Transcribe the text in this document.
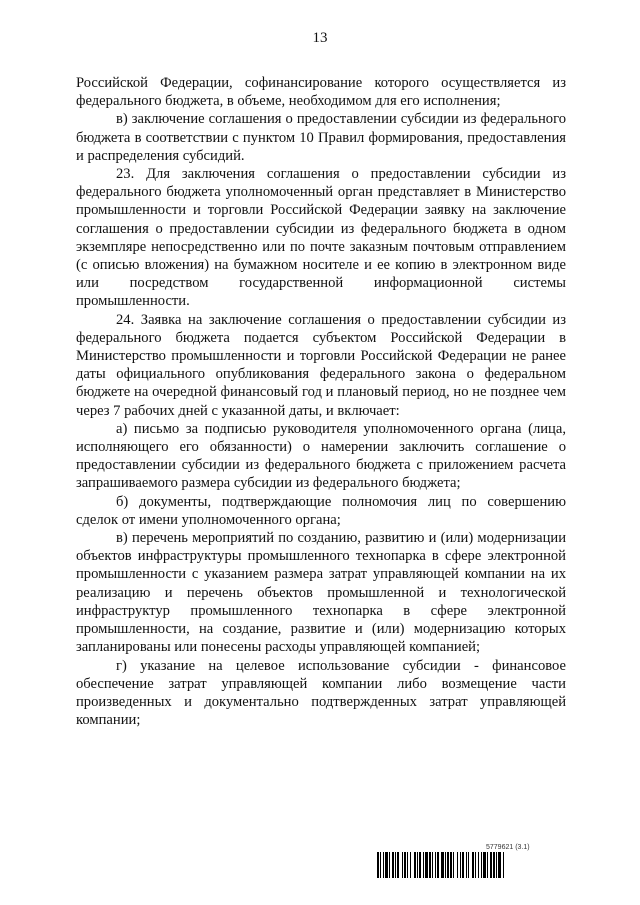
13

Российской Федерации, софинансирование которого осуществляется из федерального бюджета, в объеме, необходимом для его исполнения;

в) заключение соглашения о предоставлении субсидии из федерального бюджета в соответствии с пунктом 10 Правил формирования, предоставления и распределения субсидий.

23. Для заключения соглашения о предоставлении субсидии из федерального бюджета уполномоченный орган представляет в Министерство промышленности и торговли Российской Федерации заявку на заключение соглашения о предоставлении субсидии из федерального бюджета в одном экземпляре непосредственно или по почте заказным почтовым отправлением (с описью вложения) на бумажном носителе и ее копию в электронном виде или посредством государственной информационной системы промышленности.

24. Заявка на заключение соглашения о предоставлении субсидии из федерального бюджета подается субъектом Российской Федерации в Министерство промышленности и торговли Российской Федерации не ранее даты официального опубликования федерального закона о федеральном бюджете на очередной финансовый год и плановый период, но не позднее чем через 7 рабочих дней с указанной даты, и включает:

а) письмо за подписью руководителя уполномоченного органа (лица, исполняющего его обязанности) о намерении заключить соглашение о предоставлении субсидии из федерального бюджета с приложением расчета запрашиваемого размера субсидии из федерального бюджета;

б) документы, подтверждающие полномочия лиц по совершению сделок от имени уполномоченного органа;

в) перечень мероприятий по созданию, развитию и (или) модернизации объектов инфраструктуры промышленного технопарка в сфере электронной промышленности с указанием размера затрат управляющей компании на их реализацию и перечень объектов промышленной и технологической инфраструктур промышленного технопарка в сфере электронной промышленности, на создание, развитие и (или) модернизацию которых запланированы или понесены расходы управляющей компанией;

г) указание на целевое использование субсидии - финансовое обеспечение затрат управляющей компании либо возмещение части произведенных и документально подтвержденных затрат управляющей компании;

5779621 (3.1)
